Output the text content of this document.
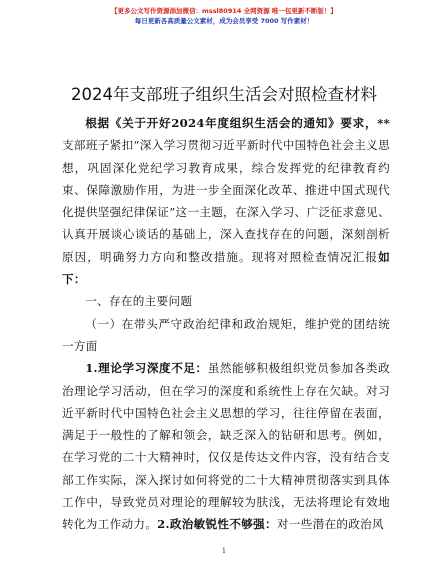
【更多公文写作资源添加微信：mssl80914 全网资源 唯一包更新不断版！】
每日更新各高质量公文素材，成为会员享受 7000 写作素材！
2024年支部班子组织生活会对照检查材料

根据《关于开好2024年度组织生活会的通知》要求，**支部班子紧扣“深入学习贯彻习近平新时代中国特色社会主义思想，巩固深化党纪学习教育成果，综合发挥党的纪律教育约束、保障激励作用，为进一步全面深化改革、推进中国式现代化提供坚强纪律保证”这一主题，在深入学习、广泛征求意见、认真开展谈心谈话的基础上，深入查找存在的问题，深刻剖析原因，明确努力方向和整改措施。现将对照检查情况汇报如下：

一、存在的主要问题

（一）在带头严守政治纪律和政治规矩，维护党的团结统一方面

1.理论学习深度不足：虽然能够积极组织党员参加各类政治理论学习活动，但在学习的深度和系统性上存在欠缺。对习近平新时代中国特色社会主义思想的学习，往往停留在表面，满足于一般性的了解和领会，缺乏深入的钻研和思考。例如，在学习党的二十大精神时，仅仅是传达文件内容，没有结合支部工作实际，深入探讨如何将党的二十大精神贯彻落实到具体工作中，导致党员对理论的理解较为肤浅，无法将理论有效地转化为工作动力。2.政治敏锐性不够强：对一些潜在的政治风

1
